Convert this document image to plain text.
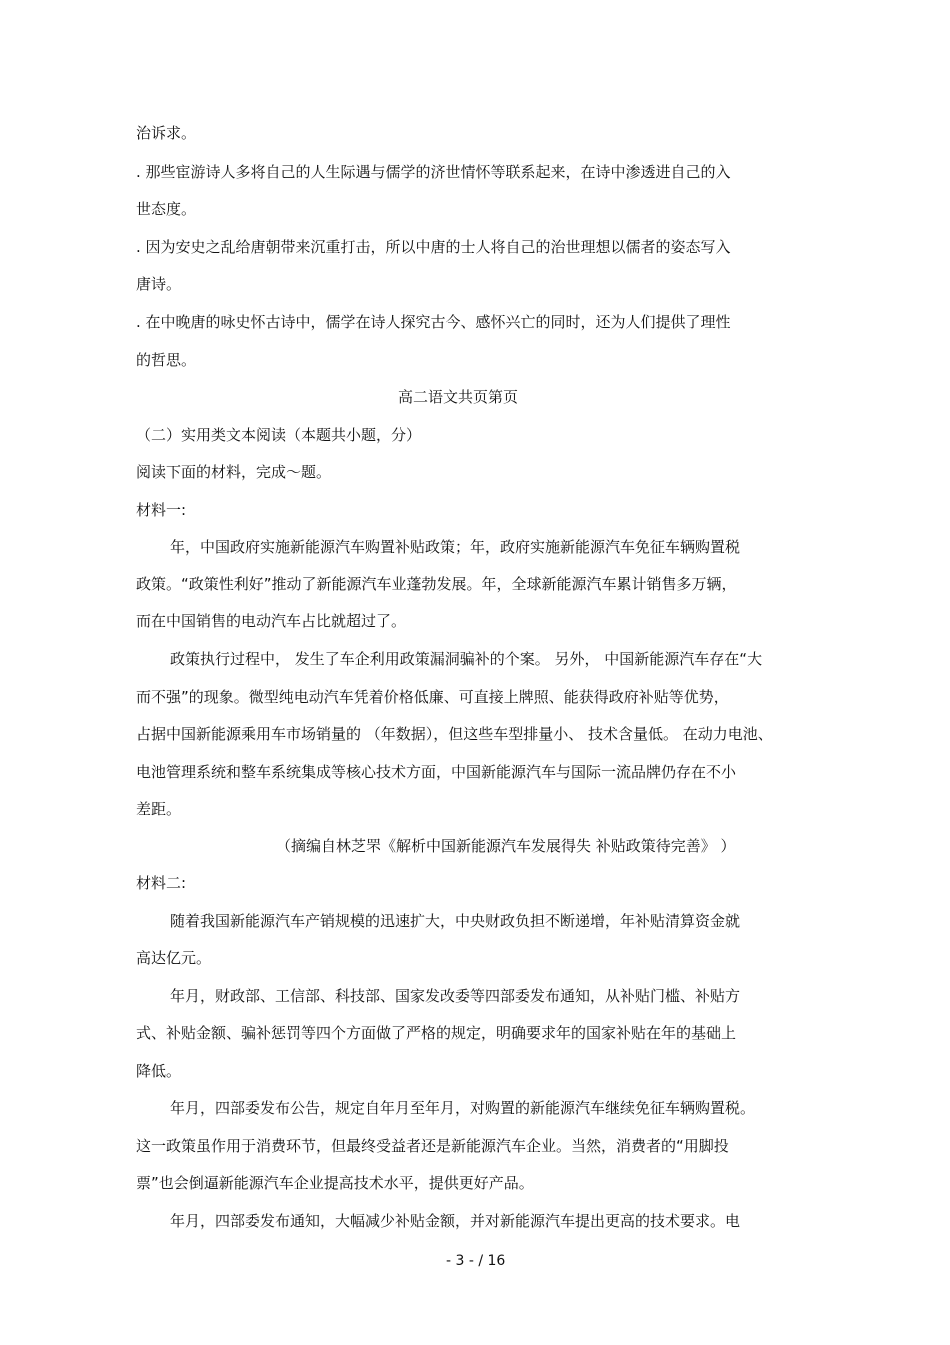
治诉求。
. 那些宦游诗人多将自己的人生际遇与儒学的济世情怀等联系起来，在诗中渗透进自己的入
世态度。
. 因为安史之乱给唐朝带来沉重打击，所以中唐的士人将自己的治世理想以儒者的姿态写入
唐诗。
. 在中晚唐的咏史怀古诗中，儒学在诗人探究古今、感怀兴亡的同时，还为人们提供了理性
的哲思。
高二语文共页第页
（二）实用类文本阅读（本题共小题，分）
阅读下面的材料，完成～题。
材料一:
年，中国政府实施新能源汽车购置补贴政策；年，政府实施新能源汽车免征车辆购置税
政策。“政策性利好”推动了新能源汽车业蓬勃发展。年，全球新能源汽车累计销售多万辆，
而在中国销售的电动汽车占比就超过了。
政策执行过程中， 发生了车企利用政策漏洞骗补的个案。 另外， 中国新能源汽车存在“大
而不强”的现象。微型纯电动汽车凭着价格低廉、可直接上牌照、能获得政府补贴等优势，
占据中国新能源乘用车市场销量的 （年数据），但这些车型排量小、 技术含量低。 在动力电池、
电池管理系统和整车系统集成等核心技术方面，中国新能源汽车与国际一流品牌仍存在不小
差距。
（摘编自林芝罘《解析中国新能源汽车发展得失 补贴政策待完善》 ）
材料二:
随着我国新能源汽车产销规模的迅速扩大，中央财政负担不断递增，年补贴清算资金就
高达亿元。
年月，财政部、工信部、科技部、国家发改委等四部委发布通知，从补贴门槛、补贴方
式、补贴金额、骗补惩罚等四个方面做了严格的规定，明确要求年的国家补贴在年的基础上
降低。
年月，四部委发布公告，规定自年月至年月，对购置的新能源汽车继续免征车辆购置税。
这一政策虽作用于消费环节，但最终受益者还是新能源汽车企业。当然，消费者的“用脚投
票”也会倒逼新能源汽车企业提高技术水平，提供更好产品。
年月，四部委发布通知，大幅减少补贴金额，并对新能源汽车提出更高的技术要求。电
- 3 - / 16
